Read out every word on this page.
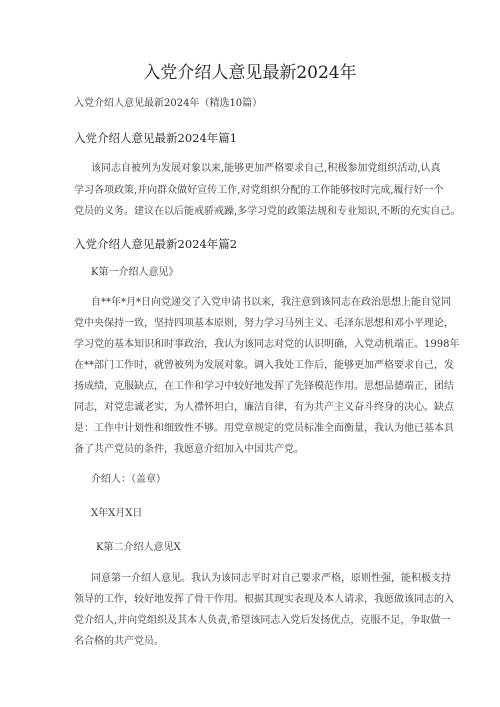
入党介绍人意见最新2024年
入党介绍人意见最新2024年（精选10篇）
入党介绍人意见最新2024年篇1
该同志自被列为发展对象以来,能够更加严格要求自己,积极参加党组织活动,认真
学习各项政策,并向群众做好宣传工作,对党组织分配的工作能够按时完成,履行好一个
党员的义务。建议在以后能戒骄戒躁,多学习党的政策法规和专业知识,不断的充实自己。
入党介绍人意见最新2024年篇2
K第一介绍人意见》
自**年*月*日向党递交了入党申请书以来，我注意到该同志在政治思想上能自觉同
党中央保持一致，坚持四项基本原则，努力学习马列主义、毛泽东思想和邓小平理论，
学习党的基本知识和时事政治，我认为该同志对党的认识明确，入党动机端正。1998年
在**部门工作时，就曾被列为发展对象。调入我处工作后，能够更加严格要求自己，发
扬成绩，克服缺点，在工作和学习中较好地发挥了先锋模范作用。思想品德端正，团结
同志，对党忠诚老实，为人襟怀坦白，廉洁自律，有为共产主义奋斗终身的决心。缺点
是：工作中计划性和细致性不够。用党章规定的党员标准全面衡量，我认为他已基本具
备了共产党员的条件，我愿意介绍加入中国共产党。
介绍人：（盖章）
X年X月X日
K第二介绍人意见X
同意第一介绍人意见。我认为该同志平时对自己要求严格，原则性强，能积极支持
领导的工作，较好地发挥了骨干作用。根据其现实表现及本人请求，我愿做该同志的入
党介绍人,并向党组织及其本人负责,希望该同志入党后发扬优点，克服不足，争取做一
名合格的共产党员。
